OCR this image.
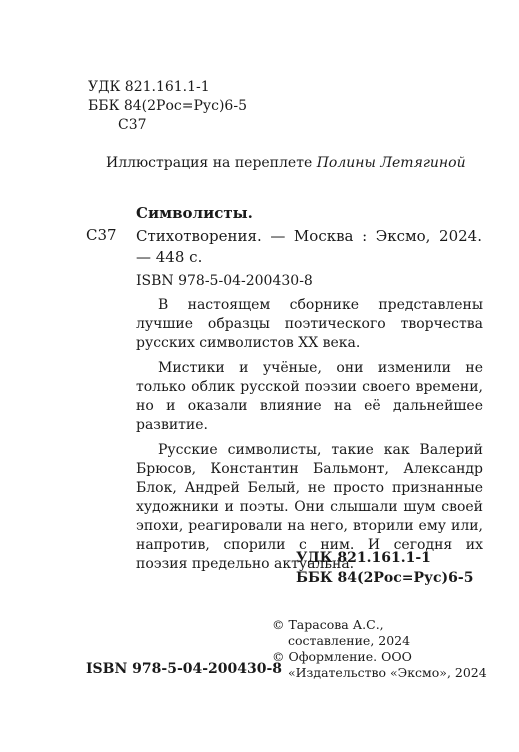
УДК 821.161.1-1
ББК 84(2Рос=Рус)6-5
С37
Иллюстрация на переплете Полины Летягиной
Символисты.
С37 Стихотворения. — Москва : Эксмо, 2024. — 448 с.
ISBN 978-5-04-200430-8

В настоящем сборнике представлены лучшие образцы поэтического творчества русских символистов XX века.

Мистики и учёные, они изменили не только облик русской поэзии своего времени, но и оказали влияние на её дальнейшее развитие.

Русские символисты, такие как Валерий Брюсов, Константин Бальмонт, Александр Блок, Андрей Белый, не просто признанные художники и поэты. Они слышали шум своей эпохи, реагировали на него, вторили ему или, напротив, спорили с ним. И сегодня их поэзия предельно актуальна.

УДК 821.161.1-1
ББК 84(2Рос=Рус)6-5
© Тарасова А.С.,
составление, 2024
© Оформление. ООО
«Издательство «Эксмо», 2024
ISBN 978-5-04-200430-8
